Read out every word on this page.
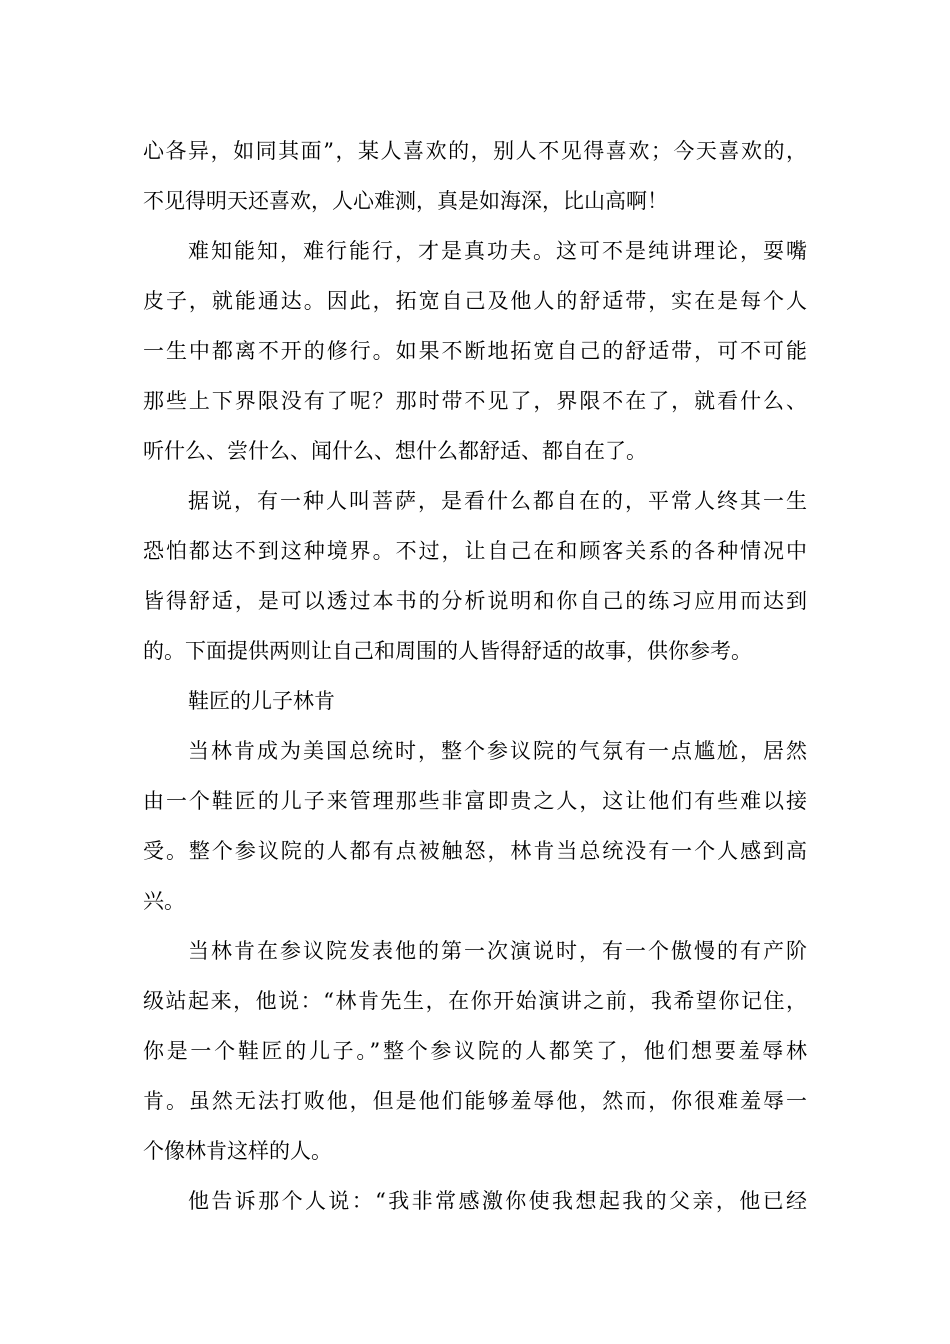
心各异，如同其面”，某人喜欢的，别人不见得喜欢；今天喜欢的，
不见得明天还喜欢，人心难测，真是如海深，比山高啊！
难知能知，难行能行，才是真功夫。这可不是纯讲理论，耍嘴
皮子，就能通达。因此，拓宽自己及他人的舒适带，实在是每个人
一生中都离不开的修行。如果不断地拓宽自己的舒适带，可不可能
那些上下界限没有了呢？那时带不见了，界限不在了，就看什么、
听什么、尝什么、闻什么、想什么都舒适、都自在了。
据说，有一种人叫菩萨，是看什么都自在的，平常人终其一生
恐怕都达不到这种境界。不过，让自己在和顾客关系的各种情况中
皆得舒适，是可以透过本书的分析说明和你自己的练习应用而达到
的。下面提供两则让自己和周围的人皆得舒适的故事，供你参考。
鞋匠的儿子林肯
当林肯成为美国总统时，整个参议院的气氛有一点尴尬，居然
由一个鞋匠的儿子来管理那些非富即贵之人，这让他们有些难以接
受。整个参议院的人都有点被触怒，林肯当总统没有一个人感到高
兴。
当林肯在参议院发表他的第一次演说时，有一个傲慢的有产阶
级站起来，他说：“林肯先生，在你开始演讲之前，我希望你记住，
你是一个鞋匠的儿子。”整个参议院的人都笑了，他们想要羞辱林
肯。虽然无法打败他，但是他们能够羞辱他，然而，你很难羞辱一
个像林肯这样的人。
他告诉那个人说：“我非常感激你使我想起我的父亲，他已经
